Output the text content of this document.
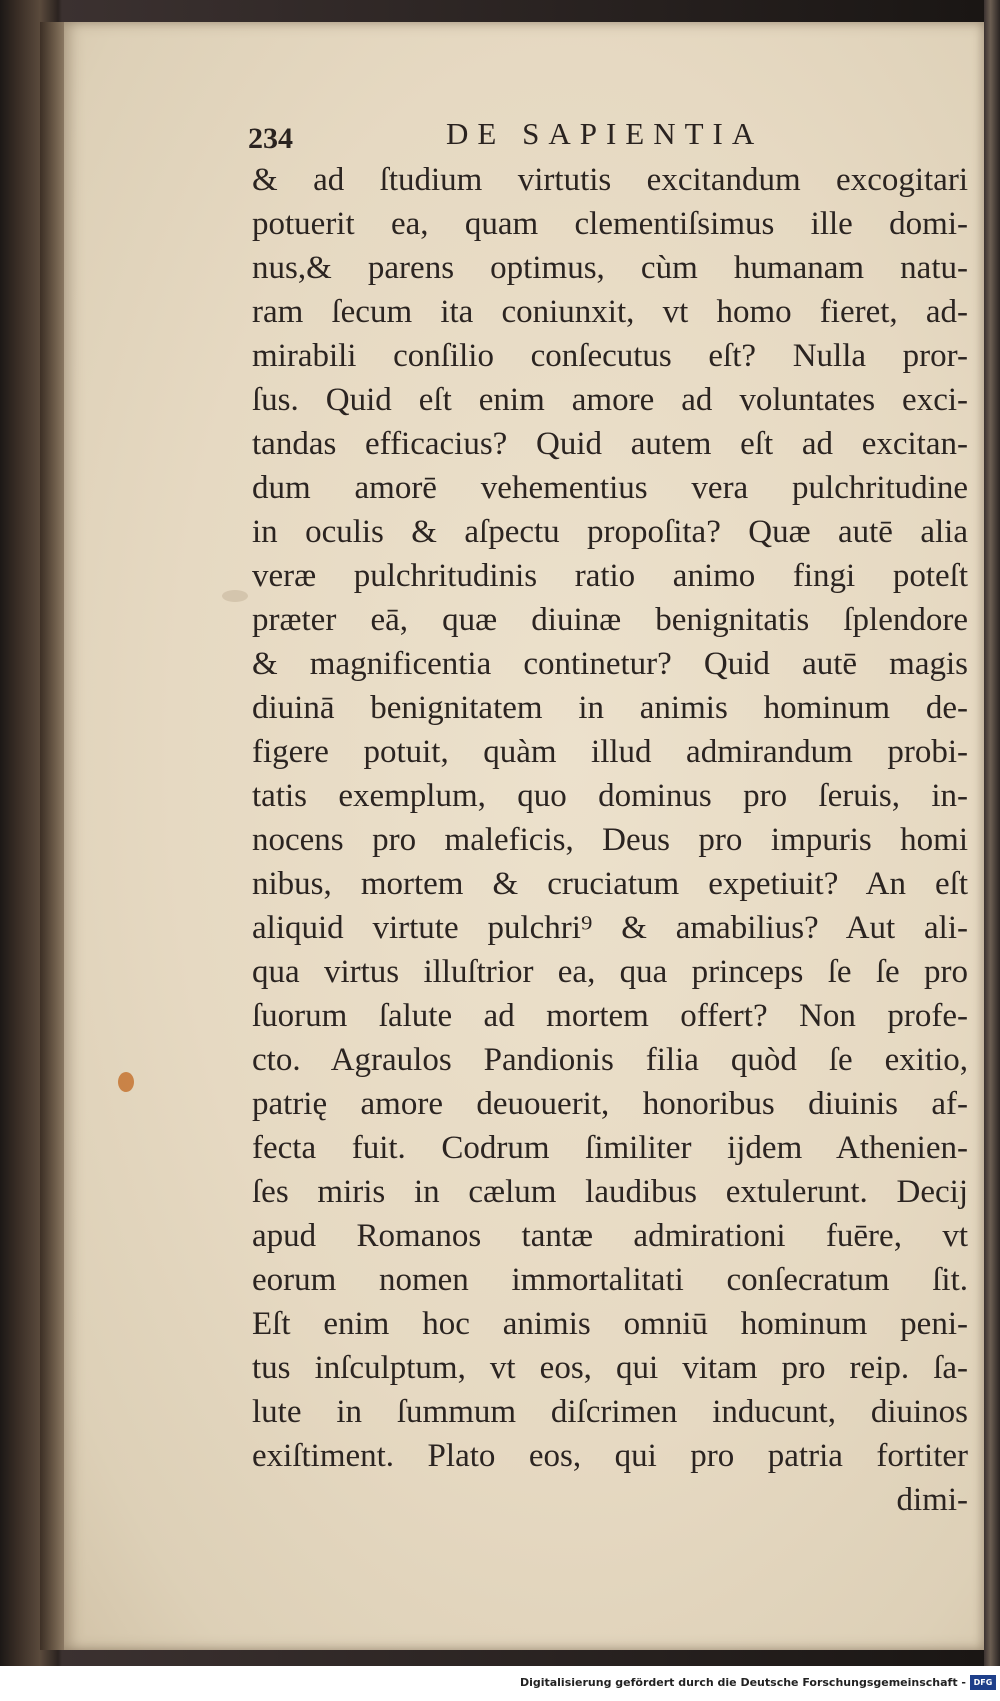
234	DE SAPIENTIA
& ad ſtudium virtutis excitandum excogitari
potuerit ea, quam clementiſsimus ille domi-
nus,& parens optimus, cùm humanam natu-
ram ſecum ita coniunxit, vt homo fieret, ad-
mirabili conſilio conſecutus eſt? Nulla pror-
ſus. Quid eſt enim amore ad voluntates exci-
tandas efficacius? Quid autem eſt ad excitan-
dum amorē vehementius vera pulchritudine
in oculis & aſpectu propoſita? Quæ autē alia
veræ pulchritudinis ratio animo fingi poteſt
præter eā, quæ diuinæ benignitatis ſplendore
& magnificentia continetur? Quid autē magis
diuinā benignitatem in animis hominum de-
figere potuit, quàm illud admirandum probi-
tatis exemplum, quo dominus pro ſeruis, in-
nocens pro maleficis, Deus pro impuris homi
nibus, mortem & cruciatum expetiuit? An eſt
aliquid virtute pulchri⁹ & amabilius? Aut ali-
qua virtus illuſtrior ea, qua princeps ſe ſe pro
ſuorum ſalute ad mortem offert? Non profe-
cto. Agraulos Pandionis filia quòd ſe exitio,
patrię amore deuouerit, honoribus diuinis af-
fecta fuit. Codrum ſimiliter ijdem Athenien-
ſes miris in cælum laudibus extulerunt. Decij
apud Romanos tantæ admirationi fuēre, vt
eorum nomen immortalitati conſecratum ſit.
Eſt enim hoc animis omniū hominum peni-
tus inſculptum, vt eos, qui vitam pro reip. ſa-
lute in ſummum diſcrimen inducunt, diuinos
exiſtiment. Plato eos, qui pro patria fortiter
dimi-
Digitalisierung gefördert durch die Deutsche Forschungsgemeinschaft - DFG
